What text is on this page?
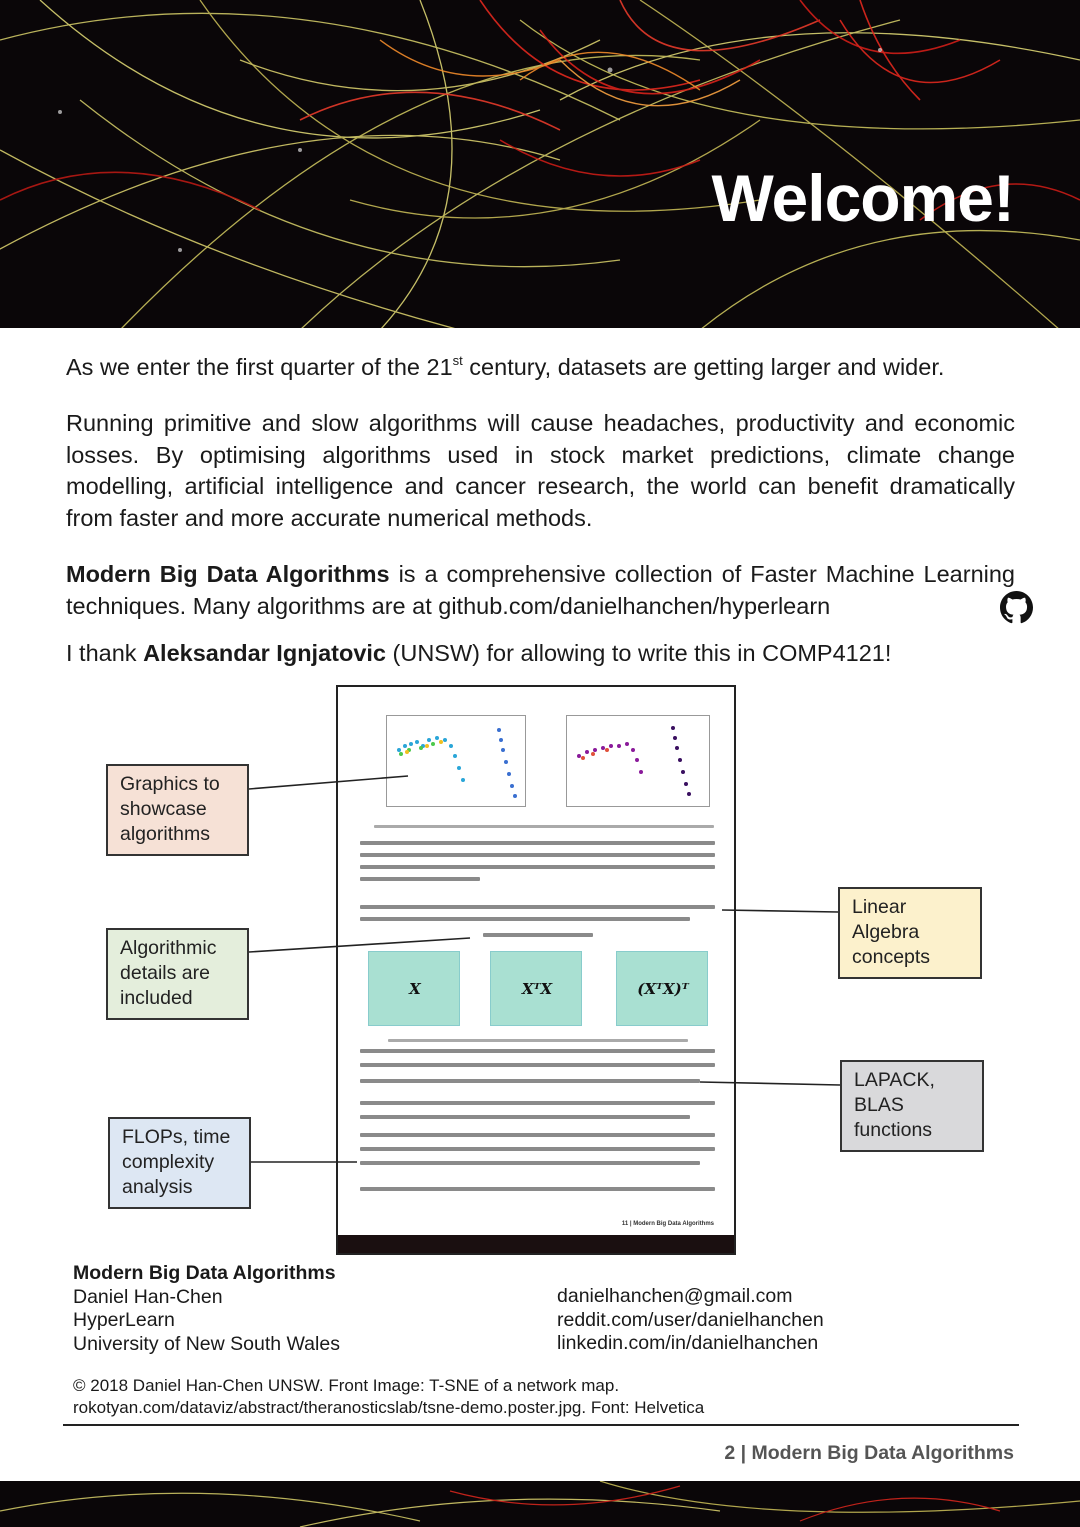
Welcome!

As we enter the first quarter of the 21st century, datasets are getting larger and wider.

Running primitive and slow algorithms will cause headaches, productivity and economic losses. By optimising algorithms used in stock market predictions, climate change modelling, artificial intelligence and cancer research, the world can benefit dramatically from faster and more accurate numerical methods.

Modern Big Data Algorithms is a comprehensive collection of Faster Machine Learning techniques. Many algorithms are at github.com/danielhanchen/hyperlearn

I thank Aleksandar Ignjatovic (UNSW) for allowing to write this in COMP4121!

X	XᵀX	(XᵀX)ᵀ
11 | Modern Big Data Algorithms
Graphics to showcase algorithms
Algorithmic details are included
FLOPs, time complexity analysis
Linear Algebra concepts
LAPACK, BLAS functions
Modern Big Data Algorithms
Daniel Han-Chen
HyperLearn
University of New South Wales
danielhanchen@gmail.com
reddit.com/user/danielhanchen
linkedin.com/in/danielhanchen
© 2018 Daniel Han-Chen UNSW. Front Image: T-SNE of a network map.
rokotyan.com/dataviz/abstract/theranosticslab/tsne-demo.poster.jpg. Font: Helvetica
2 | Modern Big Data Algorithms
